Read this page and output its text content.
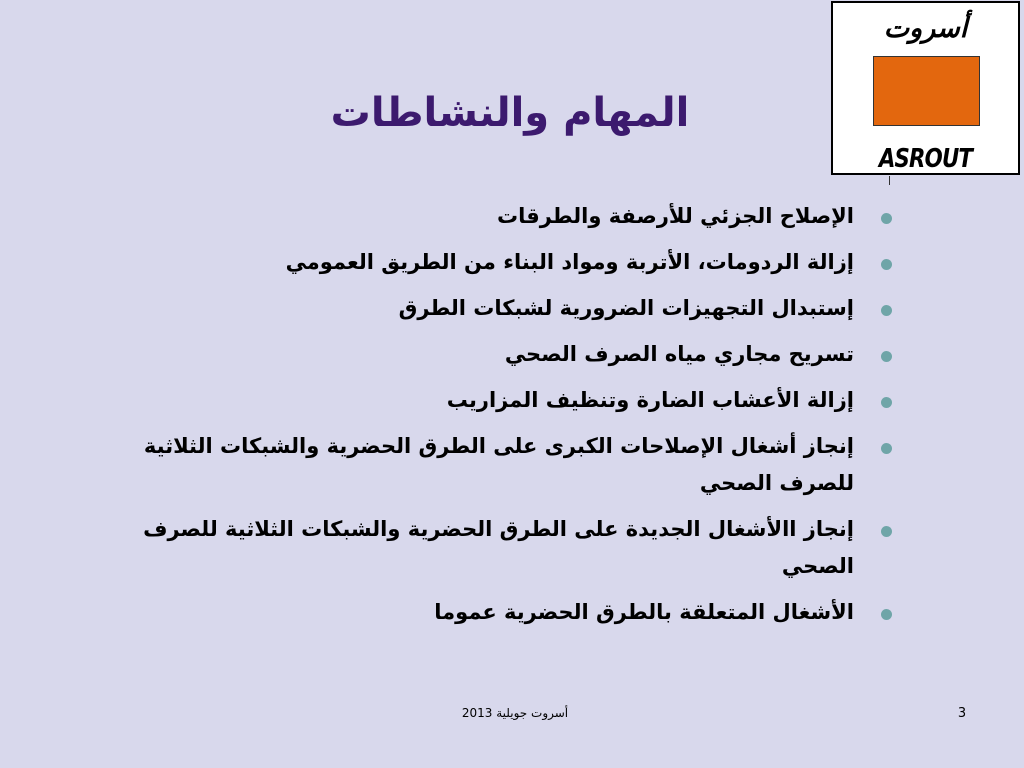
أسروت
ASROUT
المهام والنشاطات
الإصلاح الجزئي للأرصفة والطرقات
إزالة الردومات، الأتربة ومواد البناء من الطريق العمومي
إستبدال التجهيزات الضرورية لشبكات الطرق
تسريح مجاري مياه الصرف الصحي
إزالة الأعشاب الضارة وتنظيف المزاريب
إنجاز أشغال الإصلاحات الكبرى على الطرق الحضرية والشبكات الثلاثية للصرف الصحي
إنجاز االأشغال الجديدة على الطرق الحضرية والشبكات الثلاثية للصرف الصحي
الأشغال المتعلقة بالطرق الحضرية عموما
أسروت جويلية 2013	3
